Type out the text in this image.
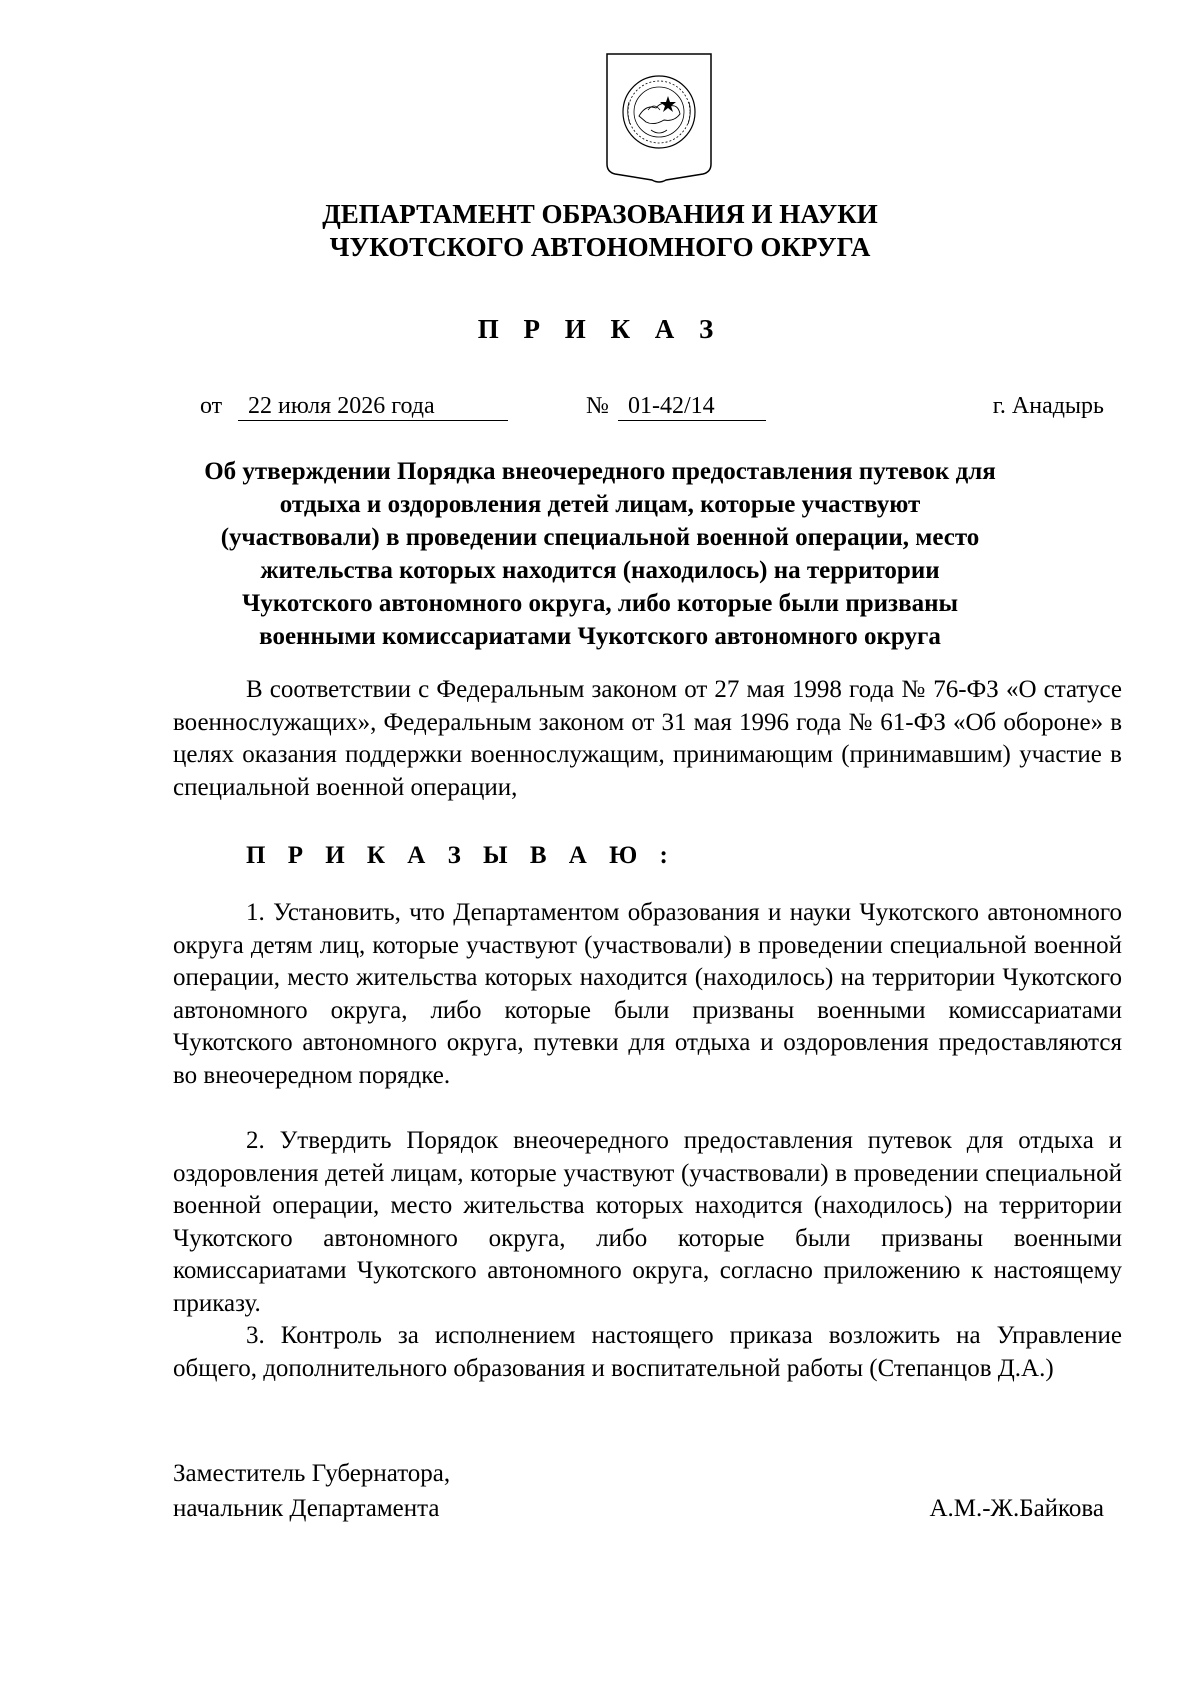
ДЕПАРТАМЕНТ ОБРАЗОВАНИЯ И НАУКИ

ЧУКОТСКОГО АВТОНОМНОГО ОКРУГА

П Р И К А З

от	22 июля 2026 года	№ 01-42/14	г. Анадырь

Об утверждении Порядка внеочередного предоставления путевок для отдыха и оздоровления детей лицам, которые участвуют (участвовали) в проведении специальной военной операции, место жительства которых находится (находилось) на территории Чукотского автономного округа, либо которые были призваны военными комиссариатами Чукотского автономного округа

В соответствии с Федеральным законом от 27 мая 1998 года № 76-ФЗ «О статусе военнослужащих», Федеральным законом от 31 мая 1996 года № 61-ФЗ «Об обороне» в целях оказания поддержки военнослужащим, принимающим (принимавшим) участие в специальной военной операции,

П Р И К А З Ы В А Ю :

1. Установить, что Департаментом образования и науки Чукотского автономного округа детям лиц, которые участвуют (участвовали) в проведении специальной военной операции, место жительства которых находится (находилось) на территории Чукотского автономного округа, либо которые были призваны военными комиссариатами Чукотского автономного округа, путевки для отдыха и оздоровления предоставляются во внеочередном порядке.

2. Утвердить Порядок внеочередного предоставления путевок для отдыха и оздоровления детей лицам, которые участвуют (участвовали) в проведении специальной военной операции, место жительства которых находится (находилось) на территории Чукотского автономного округа, либо которые были призваны военными комиссариатами Чукотского автономного округа, согласно приложению к настоящему приказу.

3. Контроль за исполнением настоящего приказа возложить на Управление общего, дополнительного образования и воспитательной работы (Степанцов Д.А.)

Заместитель Губернатора,
начальник Департамента	А.М.-Ж.Байкова
